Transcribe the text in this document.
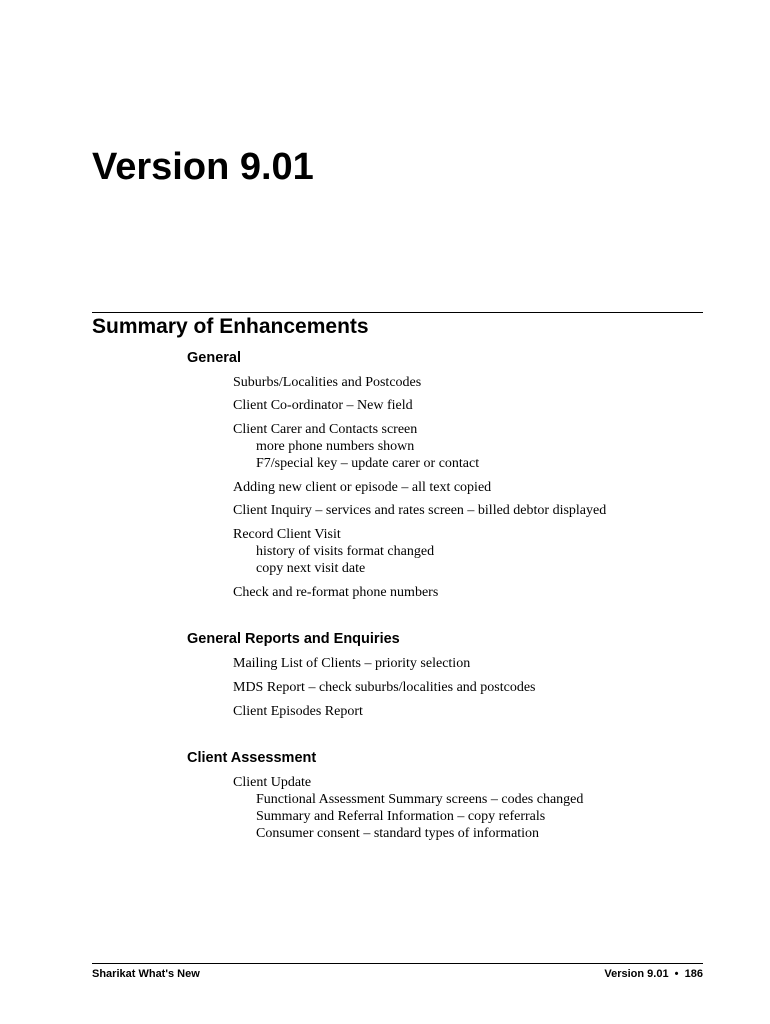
Version 9.01
Summary of Enhancements
General
Suburbs/Localities and Postcodes
Client Co-ordinator – New field
Client Carer and Contacts screen
more phone numbers shown
F7/special key – update carer or contact
Adding new client or episode – all text copied
Client Inquiry – services and rates screen – billed debtor displayed
Record Client Visit
history of visits format changed
copy next visit date
Check and re-format phone numbers
General Reports and Enquiries
Mailing List of Clients – priority selection
MDS Report – check suburbs/localities and postcodes
Client Episodes Report
Client Assessment
Client Update
Functional Assessment Summary screens – codes changed
Summary and Referral Information – copy referrals
Consumer consent – standard types of information
Sharikat What's New	Version 9.01  •  186
